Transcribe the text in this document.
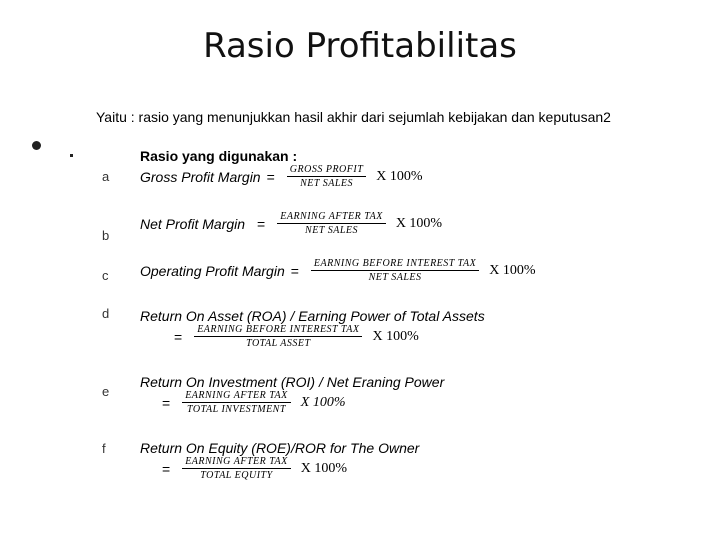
Rasio Profitabilitas
Yaitu : rasio yang menunjukkan hasil akhir dari sejumlah kebijakan dan keputusan2
Rasio yang digunakan :
a Gross Profit Margin = $\frac{\text{GROSS PROFIT}}{\text{NET SALES}}$ X 100%
b
Net Profit Margin = $\frac{\text{EARNING AFTER TAX}}{\text{NET SALES}}$ X 100%
c Operating Profit Margin = $\frac{\text{EARNING BEFORE INTEREST TAX}}{\text{NET SALES}}$ X 100%
d Return On Asset (ROA) / Earning Power of Total Assets
= $\frac{\text{EARNING BEFORE INTEREST TAX}}{\text{TOTAL ASSET}}$ X 100%
e
Return On Investment (ROI) / Net Eraning Power
= $\frac{\text{EARNING AFTER TAX}}{\text{TOTAL INVESTMENT}}$ X 100%
f Return On Equity (ROE)/ROR for The Owner
= $\frac{\text{EARNING AFTER TAX}}{\text{TOTAL EQUITY}}$ X 100%
